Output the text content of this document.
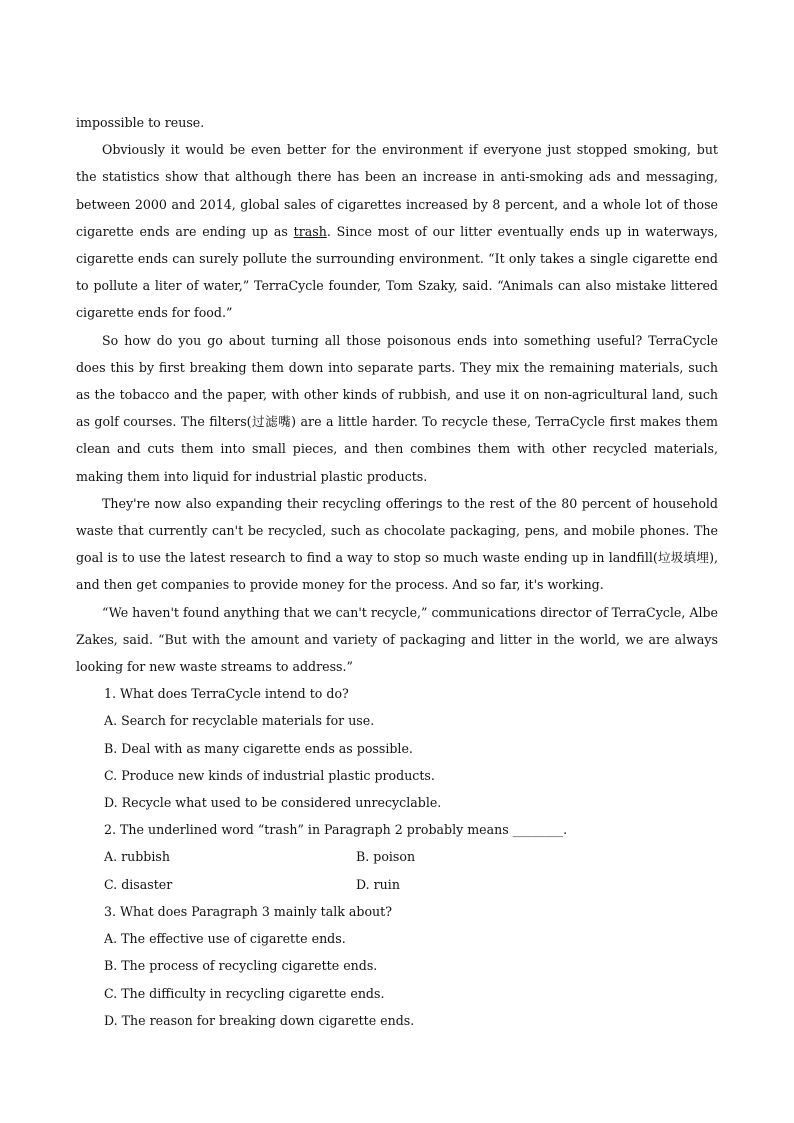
impossible to reuse.

Obviously it would be even better for the environment if everyone just stopped smoking, but the statistics show that although there has been an increase in anti-smoking ads and messaging, between 2000 and 2014, global sales of cigarettes increased by 8 percent, and a whole lot of those cigarette ends are ending up as trash. Since most of our litter eventually ends up in waterways, cigarette ends can surely pollute the surrounding environment. “It only takes a single cigarette end to pollute a liter of water,” TerraCycle founder, Tom Szaky, said. “Animals can also mistake littered cigarette ends for food.”

So how do you go about turning all those poisonous ends into something useful? TerraCycle does this by first breaking them down into separate parts. They mix the remaining materials, such as the tobacco and the paper, with other kinds of rubbish, and use it on non-agricultural land, such as golf courses. The filters(过滤嘴) are a little harder. To recycle these, TerraCycle first makes them clean and cuts them into small pieces, and then combines them with other recycled materials, making them into liquid for industrial plastic products.

They're now also expanding their recycling offerings to the rest of the 80 percent of household waste that currently can't be recycled, such as chocolate packaging, pens, and mobile phones. The goal is to use the latest research to find a way to stop so much waste ending up in landfill(垃圾填埋), and then get companies to provide money for the process. And so far, it's working.

“We haven't found anything that we can't recycle,” communications director of TerraCycle, Albe Zakes, said. “But with the amount and variety of packaging and litter in the world, we are always looking for new waste streams to address.”

1. What does TerraCycle intend to do?

A. Search for recyclable materials for use.

B. Deal with as many cigarette ends as possible.

C. Produce new kinds of industrial plastic products.

D. Recycle what used to be considered unrecyclable.

2. The underlined word “trash” in Paragraph 2 probably means ________.

A. rubbish	B. poison
C. disaster	D. ruin

3. What does Paragraph 3 mainly talk about?

A. The effective use of cigarette ends.

B. The process of recycling cigarette ends.

C. The difficulty in recycling cigarette ends.

D. The reason for breaking down cigarette ends.
